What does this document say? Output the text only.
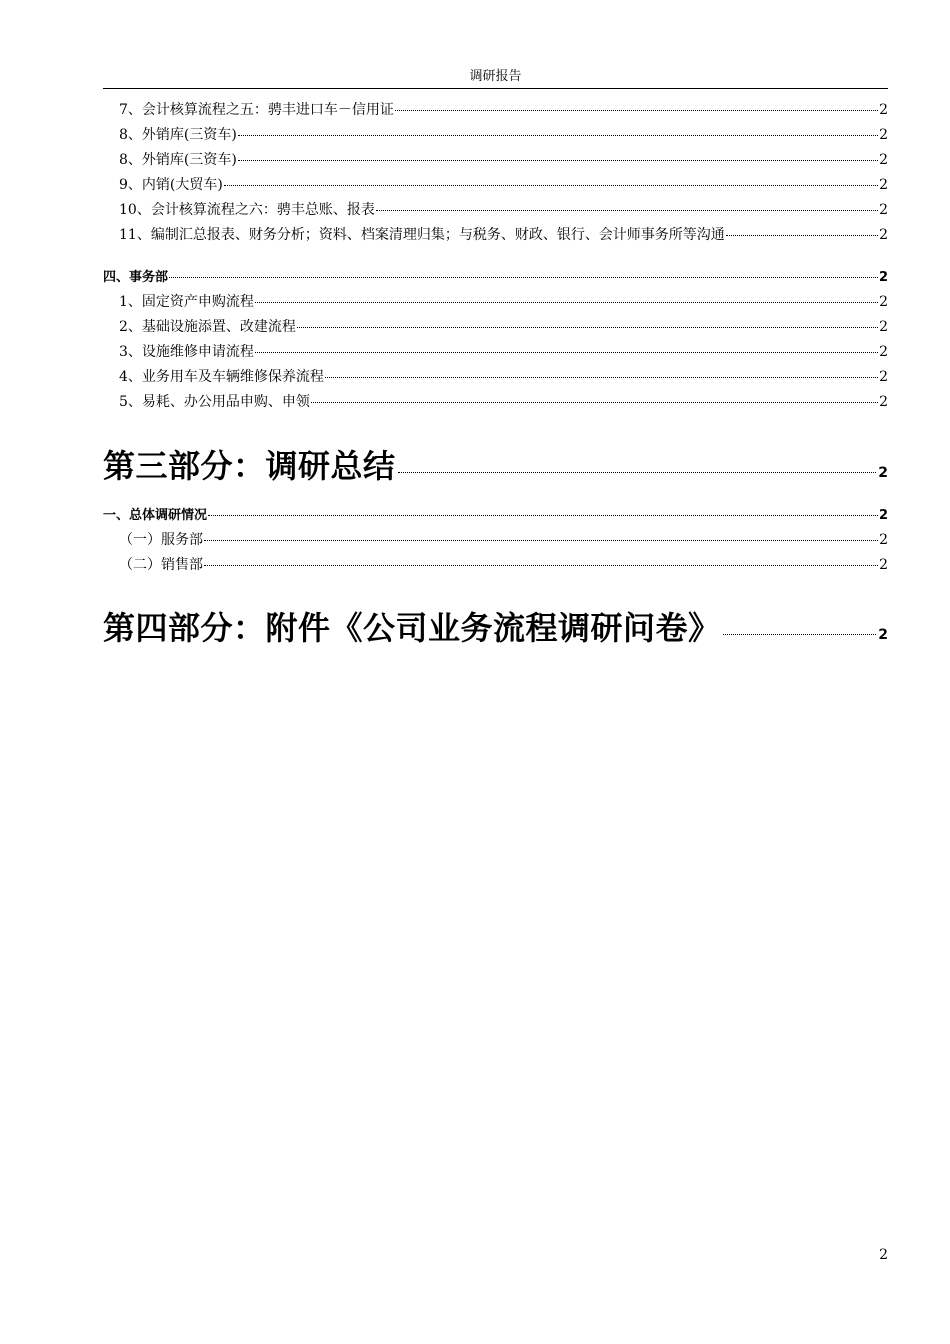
调研报告
7、会计核算流程之五：骋丰进口车－信用证	2
8、外销库(三资车)	2
8、外销库(三资车)	2
9、内销(大贸车)	2
10、会计核算流程之六：骋丰总账、报表	2
11、编制汇总报表、财务分析；资料、档案清理归集；与税务、财政、银行、会计师事务所等沟通	2
四、事务部	2
1、固定资产申购流程	2
2、基础设施添置、改建流程	2
3、设施维修申请流程	2
4、业务用车及车辆维修保养流程	2
5、易耗、办公用品申购、申领	2
第三部分：调研总结	2
一、总体调研情况	2
（一）服务部	2
（二）销售部	2
第四部分：附件《公司业务流程调研问卷》	2
2
